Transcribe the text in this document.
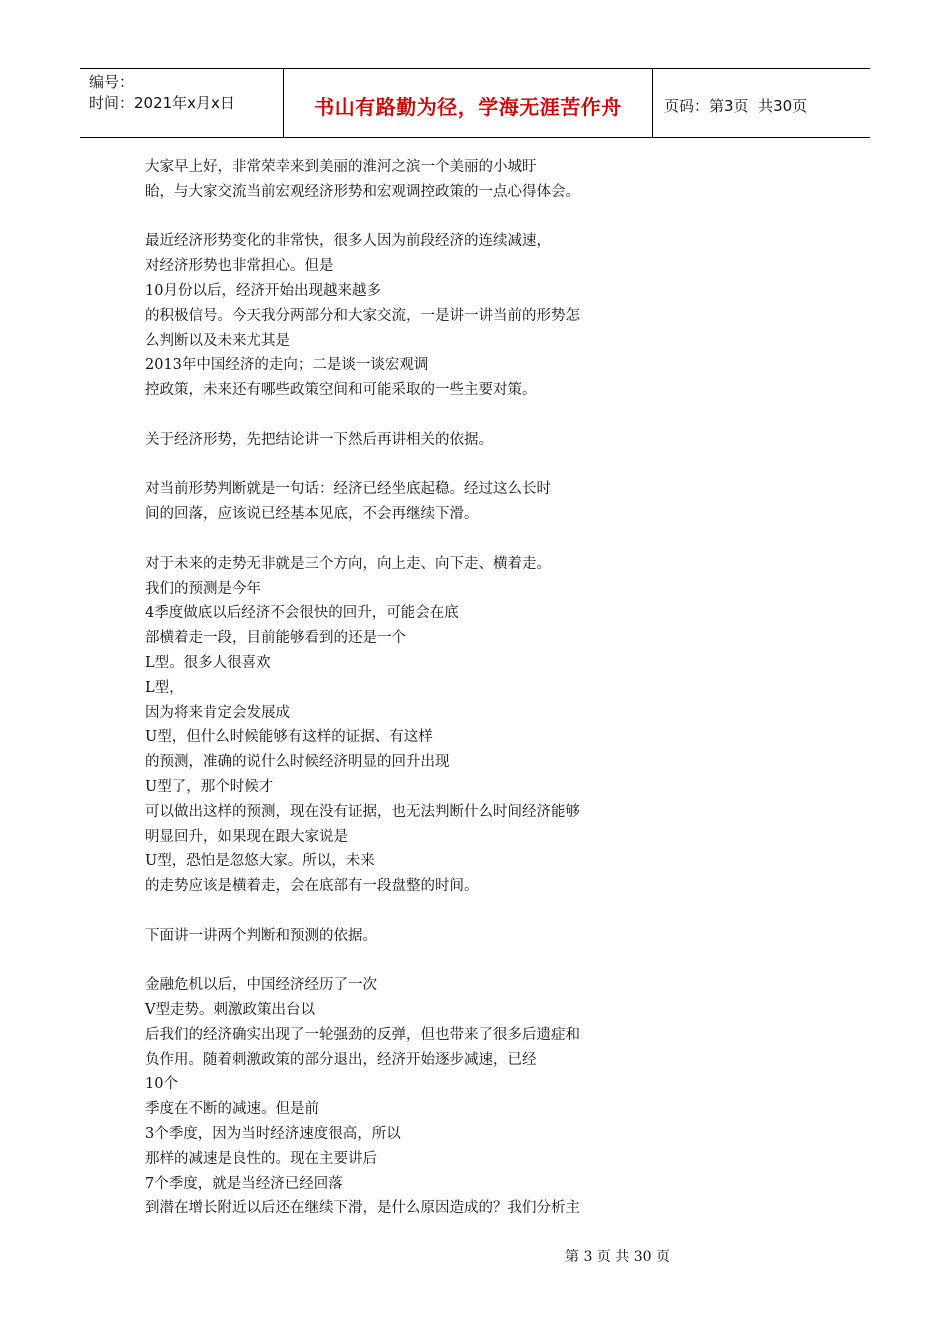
编号：
时间：2021年x月x日	书山有路勤为径，学海无涯苦作舟	页码：第3页  共30页
大家早上好，非常荣幸来到美丽的淮河之滨一个美丽的小城盱
眙，与大家交流当前宏观经济形势和宏观调控政策的一点心得体会。
最近经济形势变化的非常快，很多人因为前段经济的连续减速，
对经济形势也非常担心。但是
10月份以后，经济开始出现越来越多
的积极信号。今天我分两部分和大家交流，一是讲一讲当前的形势怎
么判断以及未来尤其是
2013年中国经济的走向；二是谈一谈宏观调
控政策，未来还有哪些政策空间和可能采取的一些主要对策。
关于经济形势，先把结论讲一下然后再讲相关的依据。
对当前形势判断就是一句话：经济已经坐底起稳。经过这么长时
间的回落，应该说已经基本见底，不会再继续下滑。
对于未来的走势无非就是三个方向，向上走、向下走、横着走。
我们的预测是今年
4季度做底以后经济不会很快的回升，可能会在底
部横着走一段，目前能够看到的还是一个
L型。很多人很喜欢
L型，
因为将来肯定会发展成
U型，但什么时候能够有这样的证据、有这样
的预测，准确的说什么时候经济明显的回升出现
U型了，那个时候才
可以做出这样的预测，现在没有证据，也无法判断什么时间经济能够
明显回升，如果现在跟大家说是
U型，恐怕是忽悠大家。所以，未来
的走势应该是横着走，会在底部有一段盘整的时间。
下面讲一讲两个判断和预测的依据。
金融危机以后，中国经济经历了一次
V型走势。刺激政策出台以
后我们的经济确实出现了一轮强劲的反弹，但也带来了很多后遗症和
负作用。随着刺激政策的部分退出，经济开始逐步减速，已经
10个
季度在不断的减速。但是前
3个季度，因为当时经济速度很高，所以
那样的减速是良性的。现在主要讲后
7个季度，就是当经济已经回落
到潜在增长附近以后还在继续下滑，是什么原因造成的？我们分析主
第 3 页 共 30 页
